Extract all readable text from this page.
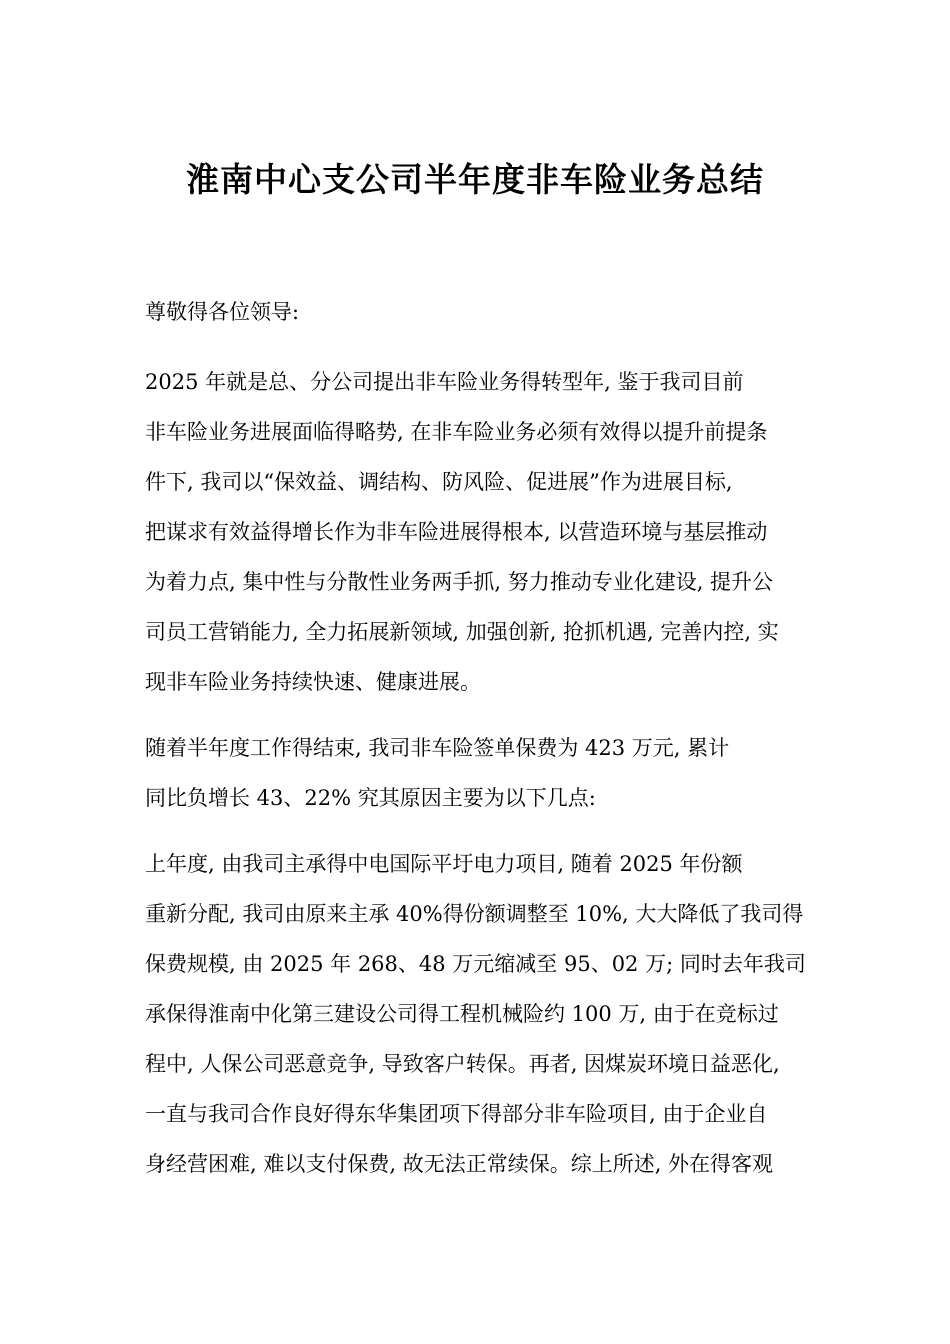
淮南中心支公司半年度非车险业务总结
尊敬得各位领导:
2025 年就是总、分公司提出非车险业务得转型年, 鉴于我司目前
非车险业务进展面临得略势, 在非车险业务必须有效得以提升前提条
件下, 我司以“保效益、调结构、防风险、促进展”作为进展目标,
把谋求有效益得增长作为非车险进展得根本, 以营造环境与基层推动
为着力点, 集中性与分散性业务两手抓, 努力推动专业化建设, 提升公
司员工营销能力, 全力拓展新领域, 加强创新, 抢抓机遇, 完善内控, 实
现非车险业务持续快速、健康进展。
随着半年度工作得结束, 我司非车险签单保费为 423 万元, 累计
同比负增长 43、22% 究其原因主要为以下几点:
上年度, 由我司主承得中电国际平圩电力项目, 随着 2025 年份额
重新分配, 我司由原来主承 40%得份额调整至 10%, 大大降低了我司得
保费规模, 由 2025 年 268、48 万元缩减至 95、02 万; 同时去年我司
承保得淮南中化第三建设公司得工程机械险约 100 万, 由于在竞标过
程中, 人保公司恶意竞争, 导致客户转保。再者, 因煤炭环境日益恶化,
一直与我司合作良好得东华集团项下得部分非车险项目, 由于企业自
身经营困难, 难以支付保费, 故无法正常续保。综上所述, 外在得客观
